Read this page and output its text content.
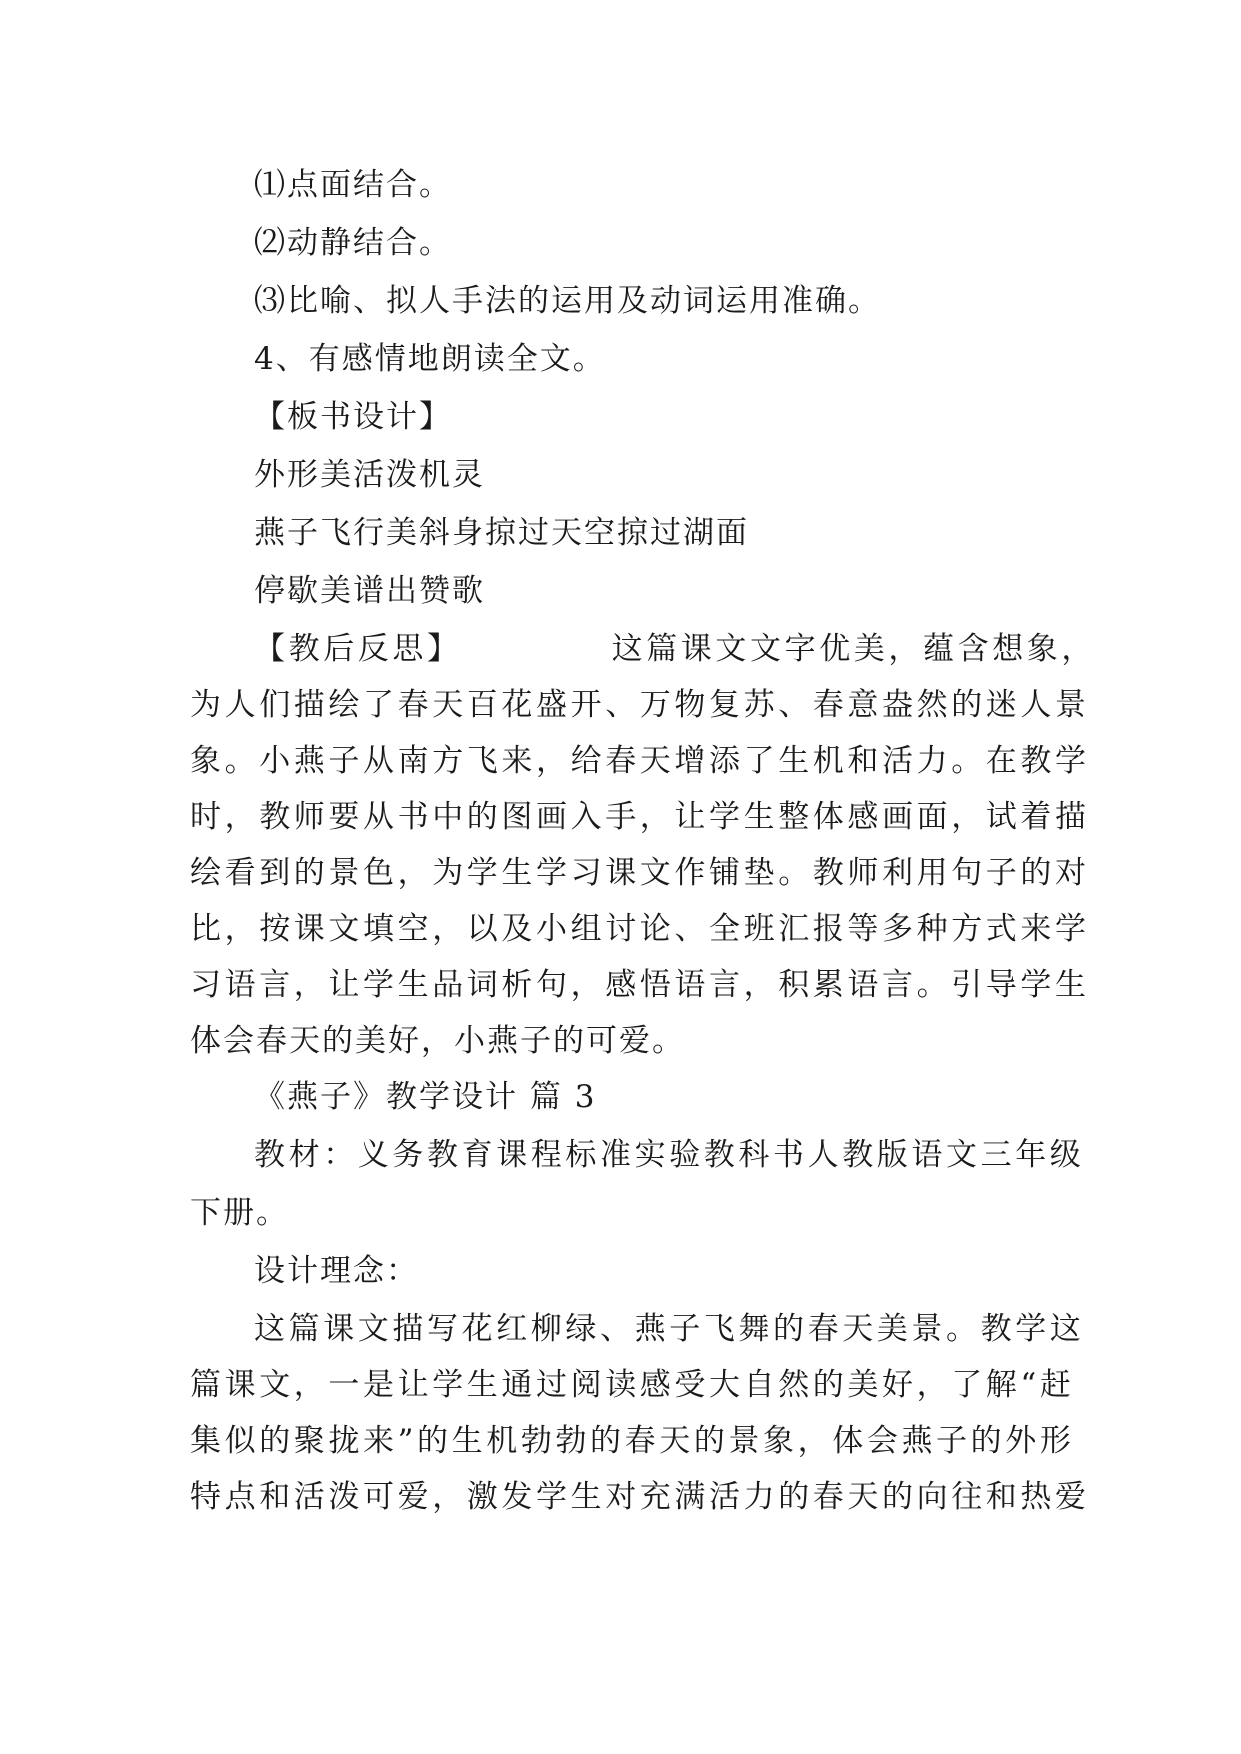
⑴点面结合。
⑵动静结合。
⑶比喻、拟人手法的运用及动词运用准确。
4、有感情地朗读全文。
【板书设计】
外形美活泼机灵
燕子飞行美斜身掠过天空掠过湖面
停歇美谱出赞歌
【教后反思】	这篇课文文字优美，蕴含想象，
为人们描绘了春天百花盛开、万物复苏、春意盎然的迷人景
象。小燕子从南方飞来，给春天增添了生机和活力。在教学
时，教师要从书中的图画入手，让学生整体感画面，试着描
绘看到的景色，为学生学习课文作铺垫。教师利用句子的对
比，按课文填空，以及小组讨论、全班汇报等多种方式来学
习语言，让学生品词析句，感悟语言，积累语言。引导学生
体会春天的美好，小燕子的可爱。
《燕子》教学设计 篇 3
教材：义务教育课程标准实验教科书人教版语文三年级
下册。
设计理念：
这篇课文描写花红柳绿、燕子飞舞的春天美景。教学这
篇课文，一是让学生通过阅读感受大自然的美好，了解“赶
集似的聚拢来”的生机勃勃的春天的景象，体会燕子的外形
特点和活泼可爱，激发学生对充满活力的春天的向往和热爱
